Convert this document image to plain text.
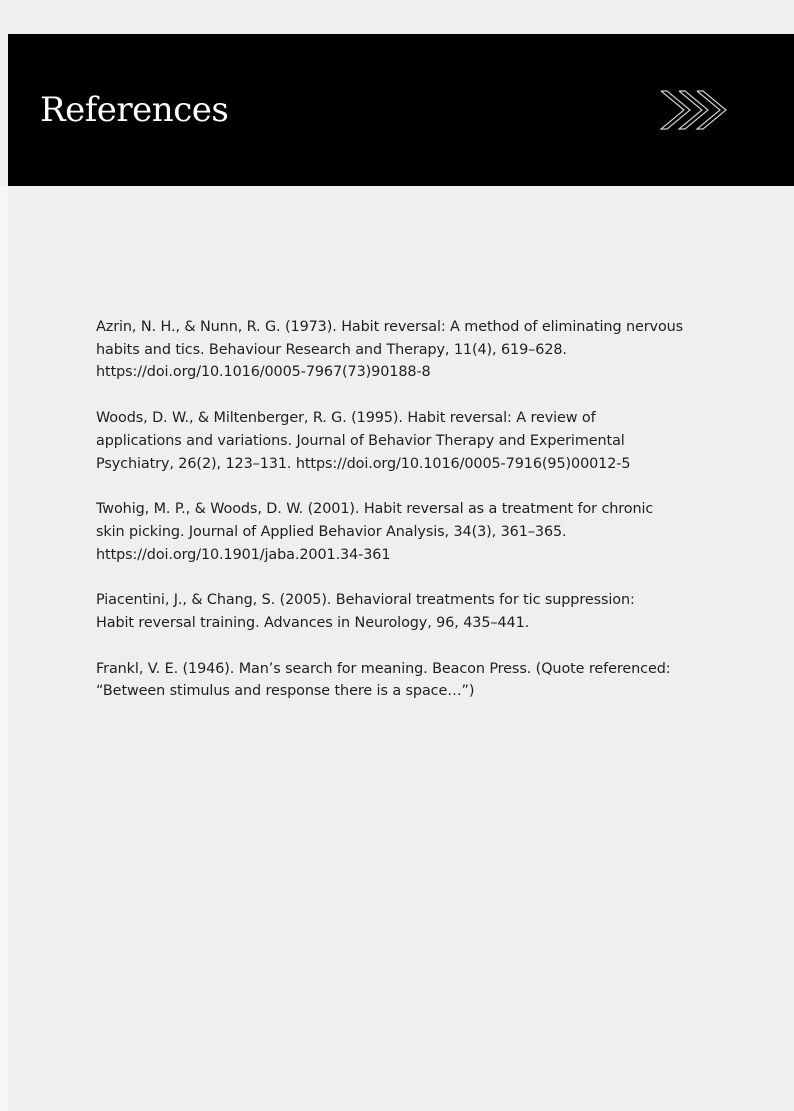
References

Azrin, N. H., & Nunn, R. G. (1973). Habit reversal: A method of eliminating nervous
habits and tics. Behaviour Research and Therapy, 11(4), 619–628.
https://doi.org/10.1016/0005-7967(73)90188-8

Woods, D. W., & Miltenberger, R. G. (1995). Habit reversal: A review of
applications and variations. Journal of Behavior Therapy and Experimental
Psychiatry, 26(2), 123–131. https://doi.org/10.1016/0005-7916(95)00012-5

Twohig, M. P., & Woods, D. W. (2001). Habit reversal as a treatment for chronic
skin picking. Journal of Applied Behavior Analysis, 34(3), 361–365.
https://doi.org/10.1901/jaba.2001.34-361

Piacentini, J., & Chang, S. (2005). Behavioral treatments for tic suppression:
Habit reversal training. Advances in Neurology, 96, 435–441.

Frankl, V. E. (1946). Man’s search for meaning. Beacon Press. (Quote referenced:
“Between stimulus and response there is a space…”)
